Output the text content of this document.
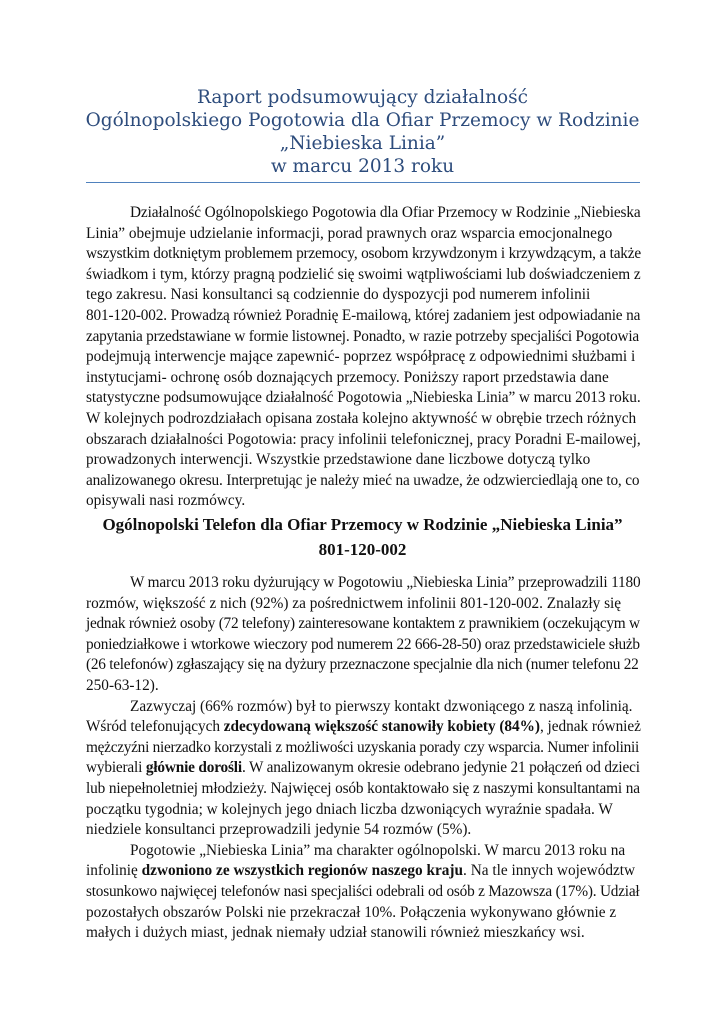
Raport podsumowujący działalność
Ogólnopolskiego Pogotowia dla Ofiar Przemocy w Rodzinie
„Niebieska Linia”
w marcu 2013 roku
Działalność Ogólnopolskiego Pogotowia dla Ofiar Przemocy w Rodzinie „Niebieska
Linia” obejmuje udzielanie informacji, porad prawnych oraz wsparcia emocjonalnego
wszystkim dotkniętym problemem przemocy, osobom krzywdzonym i krzywdzącym, a także
świadkom i tym, którzy pragną podzielić się swoimi wątpliwościami lub doświadczeniem z
tego zakresu. Nasi konsultanci są codziennie do dyspozycji pod numerem infolinii
801-120-002. Prowadzą również Poradnię E-mailową, której zadaniem jest odpowiadanie na
zapytania przedstawiane w formie listownej. Ponadto, w razie potrzeby specjaliści Pogotowia
podejmują interwencje mające zapewnić- poprzez współpracę z odpowiednimi służbami i
instytucjami- ochronę osób doznających przemocy. Poniższy raport przedstawia dane
statystyczne podsumowujące działalność Pogotowia „Niebieska Linia” w marcu 2013 roku.
W kolejnych podrozdziałach opisana została kolejno aktywność w obrębie trzech różnych
obszarach działalności Pogotowia: pracy infolinii telefonicznej, pracy Poradni E-mailowej,
prowadzonych interwencji. Wszystkie przedstawione dane liczbowe dotyczą tylko
analizowanego okresu. Interpretując je należy mieć na uwadze, że odzwierciedlają one to, co
opisywali nasi rozmówcy.
Ogólnopolski Telefon dla Ofiar Przemocy w Rodzinie „Niebieska Linia”
801-120-002
W marcu 2013 roku dyżurujący w Pogotowiu „Niebieska Linia” przeprowadzili 1180
rozmów, większość z nich (92%) za pośrednictwem infolinii 801-120-002. Znalazły się
jednak również osoby (72 telefony) zainteresowane kontaktem z prawnikiem (oczekującym w
poniedziałkowe i wtorkowe wieczory pod numerem 22 666-28-50) oraz przedstawiciele służb
(26 telefonów) zgłaszający się na dyżury przeznaczone specjalnie dla nich (numer telefonu 22
250-63-12).
Zazwyczaj (66% rozmów) był to pierwszy kontakt dzwoniącego z naszą infolinią.
Wśród telefonujących zdecydowaną większość stanowiły kobiety (84%), jednak również
mężczyźni nierzadko korzystali z możliwości uzyskania porady czy wsparcia. Numer infolinii
wybierali głównie dorośli. W analizowanym okresie odebrano jedynie 21 połączeń od dzieci
lub niepełnoletniej młodzieży. Najwięcej osób kontaktowało się z naszymi konsultantami na
początku tygodnia; w kolejnych jego dniach liczba dzwoniących wyraźnie spadała. W
niedziele konsultanci przeprowadzili jedynie 54 rozmów (5%).
Pogotowie „Niebieska Linia” ma charakter ogólnopolski. W marcu 2013 roku na
infolinię dzwoniono ze wszystkich regionów naszego kraju. Na tle innych województw
stosunkowo najwięcej telefonów nasi specjaliści odebrali od osób z Mazowsza (17%). Udział
pozostałych obszarów Polski nie przekraczał 10%. Połączenia wykonywano głównie z
małych i dużych miast, jednak niemały udział stanowili również mieszkańcy wsi.
